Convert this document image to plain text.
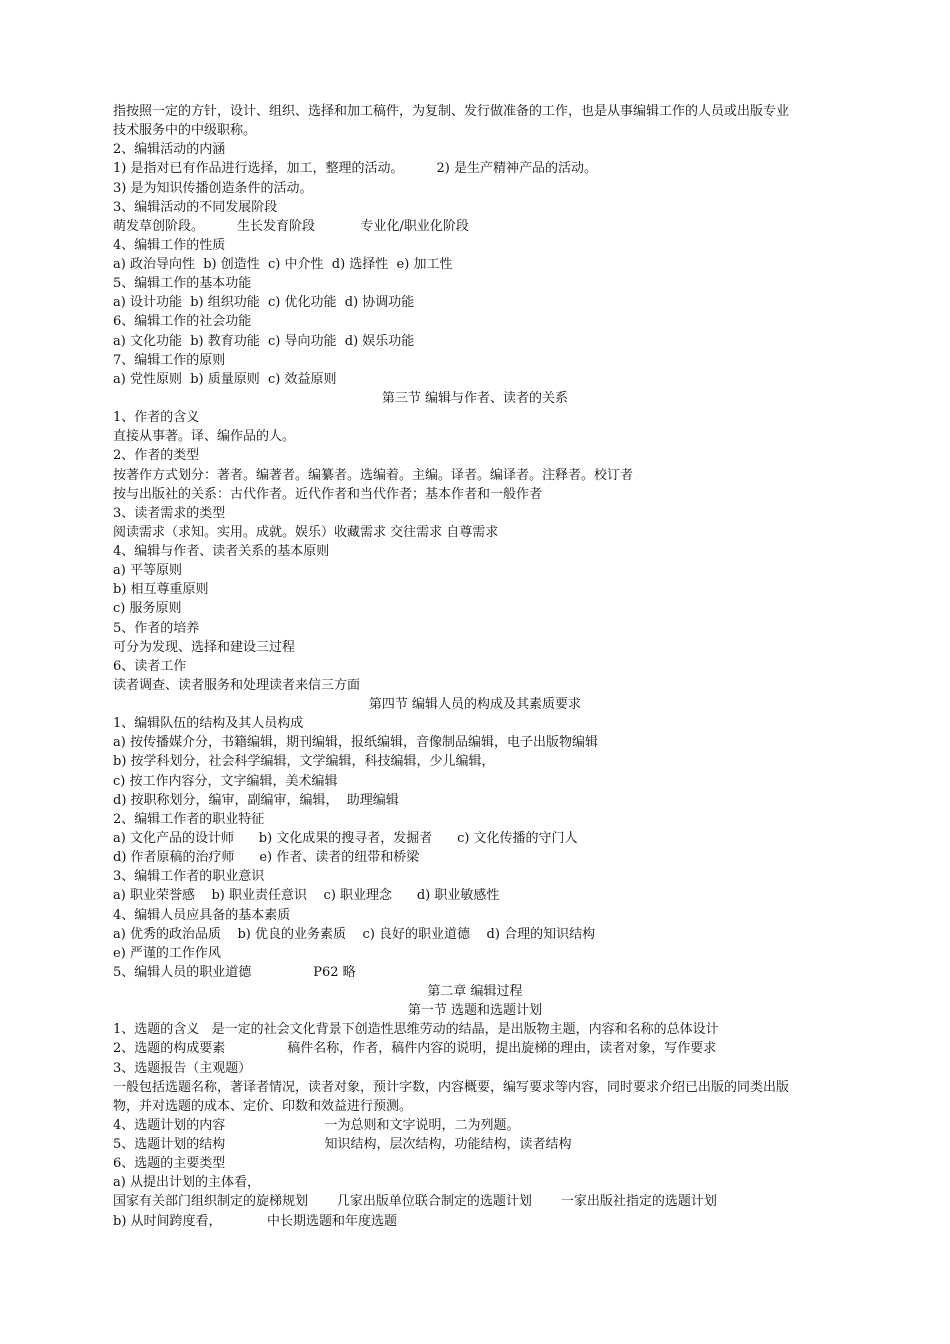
指按照一定的方针，设计、组织、选择和加工稿件，为复制、发行做准备的工作，也是从事编辑工作的人员或出版专业
技术服务中的中级职称。
2、编辑活动的内涵
1) 是指对已有作品进行选择，加工，整理的活动。        2) 是生产精神产品的活动。
3) 是为知识传播创造条件的活动。
3、编辑活动的不同发展阶段
萌发草创阶段。        生长发育阶段           专业化/职业化阶段
4、编辑工作的性质
a) 政治导向性  b) 创造性  c) 中介性  d) 选择性  e) 加工性
5、编辑工作的基本功能
a) 设计功能  b) 组织功能  c) 优化功能  d) 协调功能
6、编辑工作的社会功能
a) 文化功能  b) 教育功能  c) 导向功能  d) 娱乐功能
7、编辑工作的原则
a) 党性原则  b) 质量原则  c) 效益原则
第三节 编辑与作者、读者的关系
1、作者的含义
直接从事著。译、编作品的人。
2、作者的类型
按著作方式划分：著者。编著者。编纂者。选编着。主编。译者。编译者。注释者。校订者
按与出版社的关系：古代作者。近代作者和当代作者；基本作者和一般作者
3、读者需求的类型
阅读需求（求知。实用。成就。娱乐）收藏需求 交往需求 自尊需求
4、编辑与作者、读者关系的基本原则
a) 平等原则
b) 相互尊重原则
c) 服务原则
5、作者的培养
可分为发现、选择和建设三过程
6、读者工作
读者调查、读者服务和处理读者来信三方面
第四节 编辑人员的构成及其素质要求
1、编辑队伍的结构及其人员构成
a) 按传播媒介分，书籍编辑，期刊编辑，报纸编辑，音像制品编辑，电子出版物编辑
b) 按学科划分，社会科学编辑，文学编辑，科技编辑，少儿编辑，
c) 按工作内容分，文字编辑，美术编辑
d) 按职称划分，编审，副编审，编辑，  助理编辑
2、编辑工作者的职业特征
a) 文化产品的设计师      b) 文化成果的搜寻者，发掘者      c) 文化传播的守门人
d) 作者原稿的治疗师      e) 作者、读者的纽带和桥梁
3、编辑工作者的职业意识
a) 职业荣誉感    b) 职业责任意识    c) 职业理念      d) 职业敏感性
4、编辑人员应具备的基本素质
a) 优秀的政治品质    b) 优良的业务素质    c) 良好的职业道德    d) 合理的知识结构
e) 严谨的工作作风
5、编辑人员的职业道德               P62 略
第二章 编辑过程
第一节 选题和选题计划
1、选题的含义   是一定的社会文化背景下创造性思维劳动的结晶，是出版物主题，内容和名称的总体设计
2、选题的构成要素               稿件名称，作者，稿件内容的说明，提出旋梯的理由，读者对象，写作要求
3、选题报告（主观题）
一般包括选题名称，著译者情况，读者对象，预计字数，内容概要，编写要求等内容，同时要求介绍已出版的同类出版
物，并对选题的成本、定价、印数和效益进行预测。
4、选题计划的内容                        一为总则和文字说明，二为列题。
5、选题计划的结构                        知识结构，层次结构，功能结构，读者结构
6、选题的主要类型
a) 从提出计划的主体看，
国家有关部门组织制定的旋梯规划       几家出版单位联合制定的选题计划       一家出版社指定的选题计划
b) 从时间跨度看，           中长期选题和年度选题
